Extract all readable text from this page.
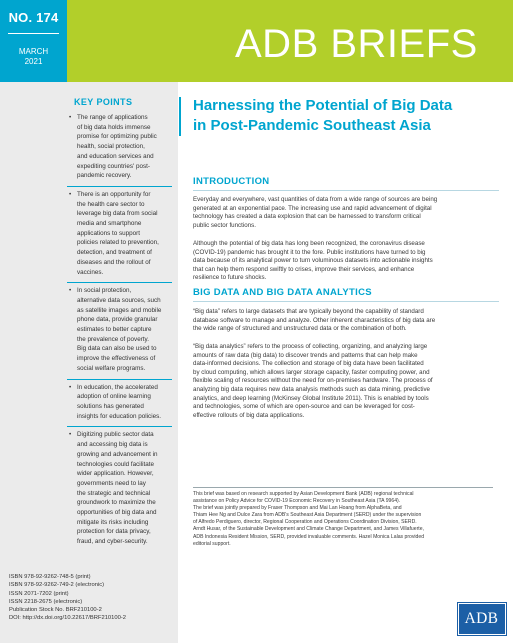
NO. 174
MARCH
2021	ADB BRIEFS
KEY POINTS
• The range of applications
of big data holds immense
promise for optimizing public
health, social protection,
and education services and
expediting countries' post-
pandemic recovery.
• There is an opportunity for
the health care sector to
leverage big data from social
media and smartphone
applications to support
policies related to prevention,
detection, and treatment of
diseases and the rollout of
vaccines.
• In social protection,
alternative data sources, such
as satellite images and mobile
phone data, provide granular
estimates to better capture
the prevalence of poverty.
Big data can also be used to
improve the effectiveness of
social welfare programs.
• In education, the accelerated
adoption of online learning
solutions has generated
insights for education policies.
• Digitizing public sector data
and accessing big data is
growing and advancement in
technologies could facilitate
wider application. However,
governments need to lay
the strategic and technical
groundwork to maximize the
opportunities of big data and
mitigate its risks including
protection for data privacy,
fraud, and cyber-security.
ISBN 978-92-9262-748-5 (print)
ISBN 978-92-9262-749-2 (electronic)
ISSN 2071-7202 (print)
ISSN 2218-2675 (electronic)
Publication Stock No. BRF210100-2
DOI: http://dx.doi.org/10.22617/BRF210100-2
Harnessing the Potential of Big Data
in Post-Pandemic Southeast Asia
INTRODUCTION
Everyday and everywhere, vast quantities of data from a wide range of sources are being
generated at an exponential pace. The increasing use and rapid advancement of digital
technology has created a data explosion that can be harnessed to transform critical
public sector functions.
Although the potential of big data has long been recognized, the coronavirus disease
(COVID-19) pandemic has brought it to the fore. Public institutions have turned to big
data because of its analytical power to turn voluminous datasets into actionable insights
that can help them respond swiftly to crises, improve their services, and enhance
resilience to future shocks.
BIG DATA AND BIG DATA ANALYTICS
“Big data” refers to large datasets that are typically beyond the capability of standard
database software to manage and analyze. Other inherent characteristics of big data are
the wide range of structured and unstructured data or the combination of both.
“Big data analytics” refers to the process of collecting, organizing, and analyzing large
amounts of raw data (big data) to discover trends and patterns that can help make
data-informed decisions. The collection and storage of big data have been facilitated
by cloud computing, which allows larger storage capacity, faster computing power, and
flexible scaling of resources without the need for on-premises hardware. The process of
analyzing big data requires new data analysis methods such as data mining, predictive
analytics, and deep learning (McKinsey Global Institute 2011). This is enabled by tools
and technologies, some of which are open-source and can be leveraged for cost-
effective rollouts of big data applications.
This brief was based on research supported by Asian Development Bank (ADB) regional technical
assistance on Policy Advice for COVID-19 Economic Recovery in Southeast Asia (TA 9964).
The brief was jointly prepared by Fraser Thompson and Mai Lan Hoang from AlphaBeta, and
Thiam Hee Ng and Dulce Zara from ADB's Southeast Asia Department (SERD) under the supervision
of Alfredo Perdiguero, director, Regional Cooperation and Operations Coordination Division, SERD.
Arndt Husar, of the Sustainable Development and Climate Change Department, and James Villafuerte,
ADB Indonesia Resident Mission, SERD, provided invaluable comments. Hazel Monica Lalas provided
editorial support.
ADB
